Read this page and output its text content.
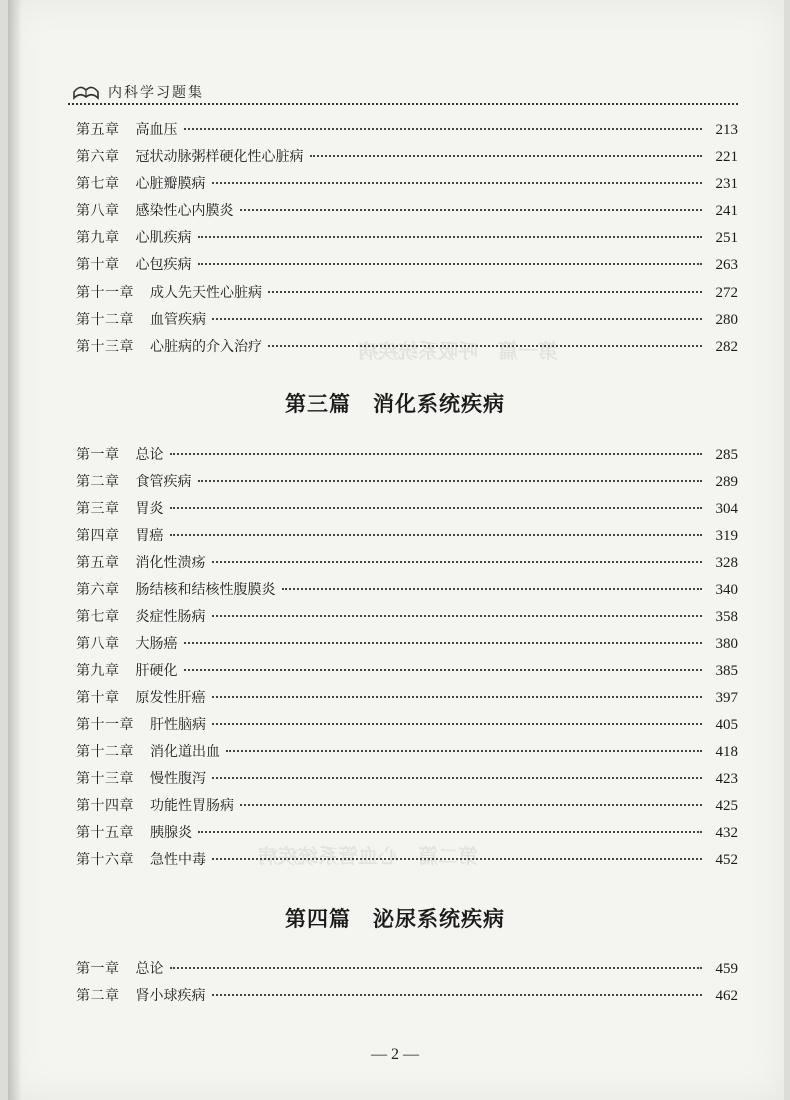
第一篇　呼吸系统疾病
第二篇　心血管系统疾病
内科学习题集
第五章 高血压	213
第六章 冠状动脉粥样硬化性心脏病	221
第七章 心脏瓣膜病	231
第八章 感染性心内膜炎	241
第九章 心肌疾病	251
第十章 心包疾病	263
第十一章 成人先天性心脏病	272
第十二章 血管疾病	280
第十三章 心脏病的介入治疗	282
第三篇 消化系统疾病
第一章 总论	285
第二章 食管疾病	289
第三章 胃炎	304
第四章 胃癌	319
第五章 消化性溃疡	328
第六章 肠结核和结核性腹膜炎	340
第七章 炎症性肠病	358
第八章 大肠癌	380
第九章 肝硬化	385
第十章 原发性肝癌	397
第十一章 肝性脑病	405
第十二章 消化道出血	418
第十三章 慢性腹泻	423
第十四章 功能性胃肠病	425
第十五章 胰腺炎	432
第十六章 急性中毒	452
第四篇 泌尿系统疾病
第一章 总论	459
第二章 肾小球疾病	462
— 2 —
